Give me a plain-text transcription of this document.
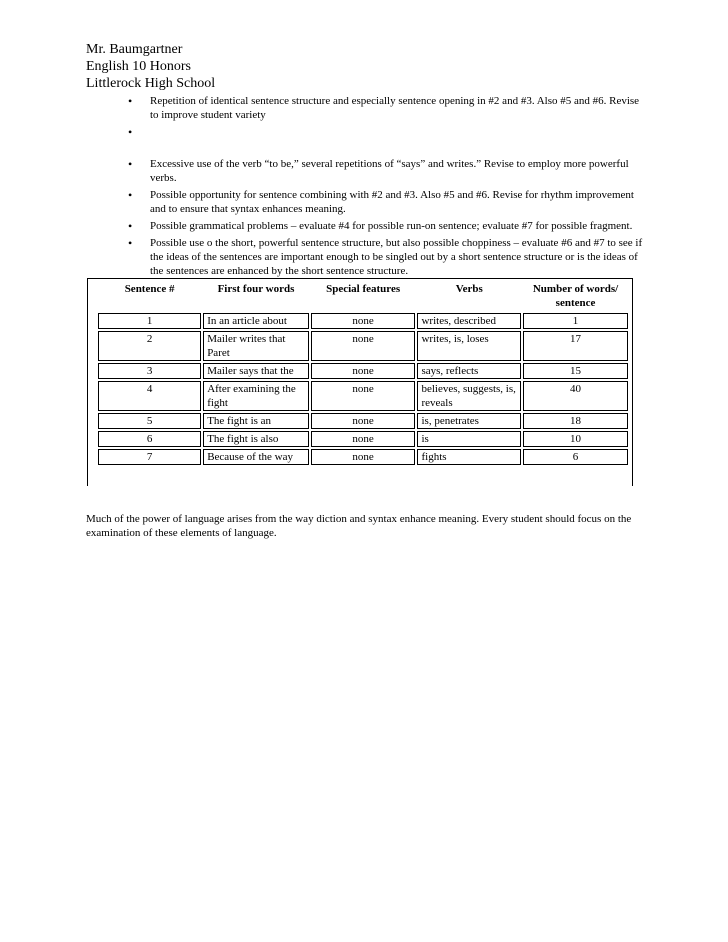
Mr. Baumgartner
English 10 Honors
Littlerock High School
• Repetition of identical sentence structure and especially sentence opening in #2 and #3. Also #5 and #6. Revise to improve student variety
•
• Excessive use of the verb “to be,” several repetitions of “says” and writes.” Revise to employ more powerful verbs.
• Possible opportunity for sentence combining with #2 and #3. Also #5 and #6. Revise for rhythm improvement and to ensure that syntax enhances meaning.
• Possible grammatical problems – evaluate #4 for possible run-on sentence; evaluate #7 for possible fragment.
• Possible use o the short, powerful sentence structure, but also possible choppiness – evaluate #6 and #7 to see if the ideas of the sentences are important enough to be singled out by a short sentence structure or is the ideas of the sentences are enhanced by the short sentence structure.
Sentence #	First four words	Special features	Verbs	Number of words/ sentence
1	In an article about	none	writes, described	1
2	Mailer writes that Paret	none	writes, is, loses	17
3	Mailer says that the	none	says, reflects	15
4	After examining the fight	none	believes, suggests, is, reveals	40
5	The fight is an	none	is, penetrates	18
6	The fight is also	none	is	10
7	Because of the way	none	fights	6

Much of the power of language arises from the way diction and syntax enhance meaning. Every student should focus on the examination of these elements of language.
